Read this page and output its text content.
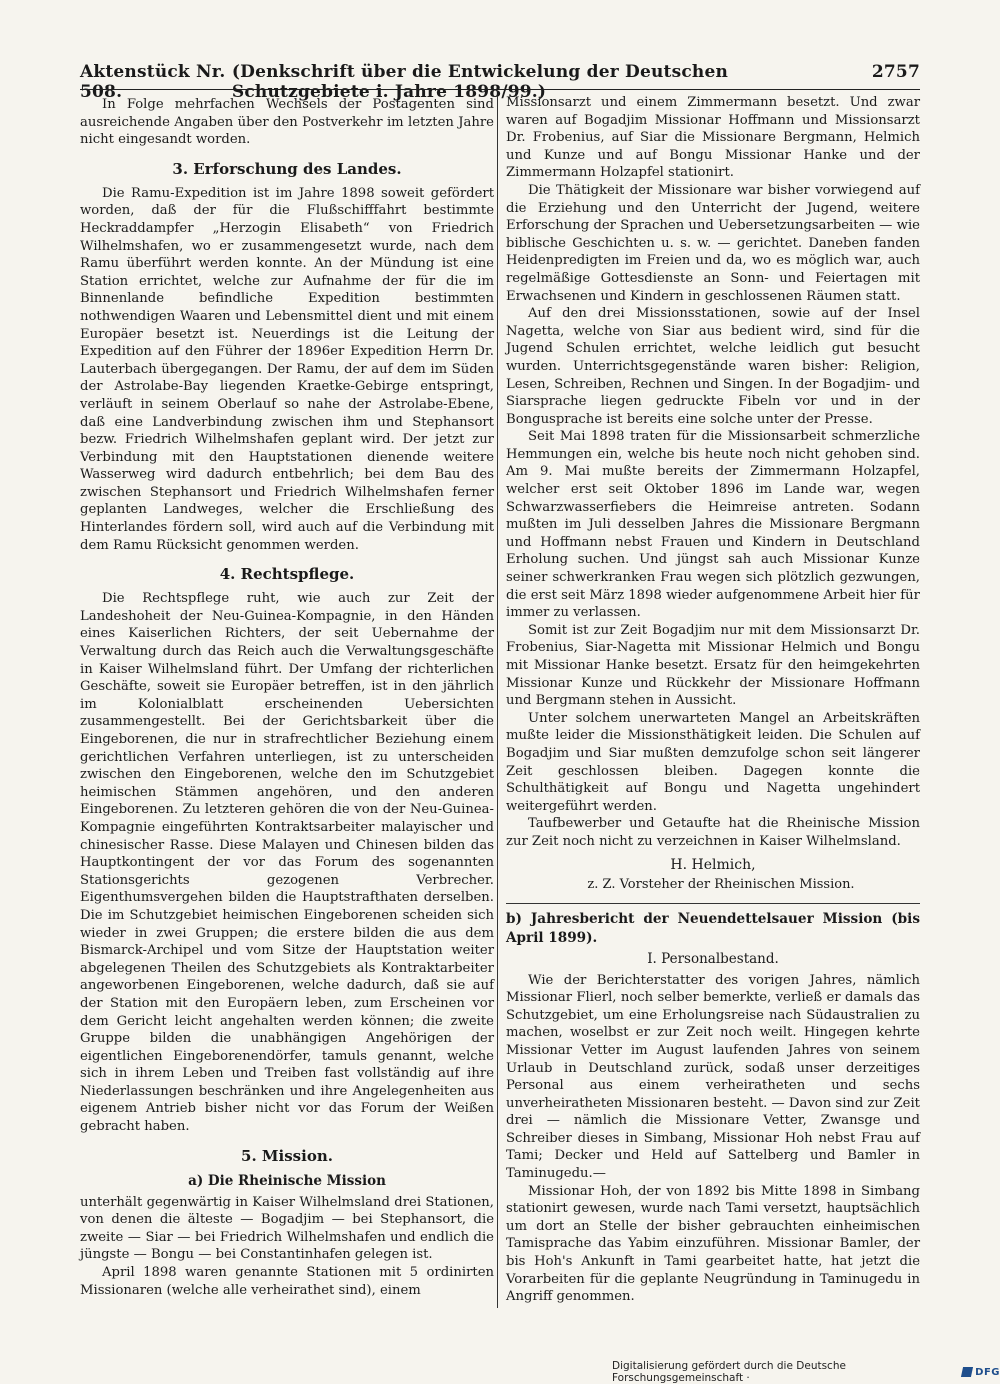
Aktenstück Nr. 508.
(Denkschrift über die Entwickelung der Deutschen Schutzgebiete i. Jahre 1898/99.)
2757

In Folge mehrfachen Wechsels der Postagenten sind ausreichende Angaben über den Postverkehr im letzten Jahre nicht eingesandt worden.

3. Erforschung des Landes.

Die Ramu-Expedition ist im Jahre 1898 soweit gefördert worden, daß der für die Flußschifffahrt bestimmte Heckraddampfer „Herzogin Elisabeth“ von Friedrich Wilhelmshafen, wo er zusammengesetzt wurde, nach dem Ramu überführt werden konnte. An der Mündung ist eine Station errichtet, welche zur Aufnahme der für die im Binnenlande befindliche Expedition bestimmten nothwendigen Waaren und Lebensmittel dient und mit einem Europäer besetzt ist. Neuerdings ist die Leitung der Expedition auf den Führer der 1896er Expedition Herrn Dr. Lauterbach übergegangen. Der Ramu, der auf dem im Süden der Astrolabe-Bay liegenden Kraetke-Gebirge entspringt, verläuft in seinem Oberlauf so nahe der Astrolabe-Ebene, daß eine Landverbindung zwischen ihm und Stephansort bezw. Friedrich Wilhelmshafen geplant wird. Der jetzt zur Verbindung mit den Hauptstationen dienende weitere Wasserweg wird dadurch entbehrlich; bei dem Bau des zwischen Stephansort und Friedrich Wilhelmshafen ferner geplanten Landweges, welcher die Erschließung des Hinterlandes fördern soll, wird auch auf die Verbindung mit dem Ramu Rücksicht genommen werden.

4. Rechtspflege.

Die Rechtspflege ruht, wie auch zur Zeit der Landeshoheit der Neu-Guinea-Kompagnie, in den Händen eines Kaiserlichen Richters, der seit Uebernahme der Verwaltung durch das Reich auch die Verwaltungsgeschäfte in Kaiser Wilhelmsland führt. Der Umfang der richterlichen Geschäfte, soweit sie Europäer betreffen, ist in den jährlich im Kolonialblatt erscheinenden Uebersichten zusammengestellt. Bei der Gerichtsbarkeit über die Eingeborenen, die nur in strafrechtlicher Beziehung einem gerichtlichen Verfahren unterliegen, ist zu unterscheiden zwischen den Eingeborenen, welche den im Schutzgebiet heimischen Stämmen angehören, und den anderen Eingeborenen. Zu letzteren gehören die von der Neu-Guinea-Kompagnie eingeführten Kontraktsarbeiter malayischer und chinesischer Rasse. Diese Malayen und Chinesen bilden das Hauptkontingent der vor das Forum des sogenannten Stationsgerichts gezogenen Verbrecher. Eigenthumsvergehen bilden die Hauptstrafthaten derselben. Die im Schutzgebiet heimischen Eingeborenen scheiden sich wieder in zwei Gruppen; die erstere bilden die aus dem Bismarck-Archipel und vom Sitze der Hauptstation weiter abgelegenen Theilen des Schutzgebiets als Kontraktarbeiter angeworbenen Eingeborenen, welche dadurch, daß sie auf der Station mit den Europäern leben, zum Erscheinen vor dem Gericht leicht angehalten werden können; die zweite Gruppe bilden die unabhängigen Angehörigen der eigentlichen Eingeborenendörfer, tamuls genannt, welche sich in ihrem Leben und Treiben fast vollständig auf ihre Niederlassungen beschränken und ihre Angelegenheiten aus eigenem Antrieb bisher nicht vor das Forum der Weißen gebracht haben.

5. Mission.
a) Die Rheinische Mission

unterhält gegenwärtig in Kaiser Wilhelmsland drei Stationen, von denen die älteste — Bogadjim — bei Stephansort, die zweite — Siar — bei Friedrich Wilhelmshafen und endlich die jüngste — Bongu — bei Constantinhafen gelegen ist.

April 1898 waren genannte Stationen mit 5 ordinirten Missionaren (welche alle verheirathet sind), einem

Missionsarzt und einem Zimmermann besetzt. Und zwar waren auf Bogadjim Missionar Hoffmann und Missionsarzt Dr. Frobenius, auf Siar die Missionare Bergmann, Helmich und Kunze und auf Bongu Missionar Hanke und der Zimmermann Holzapfel stationirt.

Die Thätigkeit der Missionare war bisher vorwiegend auf die Erziehung und den Unterricht der Jugend, weitere Erforschung der Sprachen und Uebersetzungsarbeiten — wie biblische Geschichten u. s. w. — gerichtet. Daneben fanden Heidenpredigten im Freien und da, wo es möglich war, auch regelmäßige Gottesdienste an Sonn- und Feiertagen mit Erwachsenen und Kindern in geschlossenen Räumen statt.

Auf den drei Missionsstationen, sowie auf der Insel Nagetta, welche von Siar aus bedient wird, sind für die Jugend Schulen errichtet, welche leidlich gut besucht wurden. Unterrichtsgegenstände waren bisher: Religion, Lesen, Schreiben, Rechnen und Singen. In der Bogadjim- und Siarsprache liegen gedruckte Fibeln vor und in der Bongusprache ist bereits eine solche unter der Presse.

Seit Mai 1898 traten für die Missionsarbeit schmerzliche Hemmungen ein, welche bis heute noch nicht gehoben sind. Am 9. Mai mußte bereits der Zimmermann Holzapfel, welcher erst seit Oktober 1896 im Lande war, wegen Schwarzwasserfiebers die Heimreise antreten. Sodann mußten im Juli desselben Jahres die Missionare Bergmann und Hoffmann nebst Frauen und Kindern in Deutschland Erholung suchen. Und jüngst sah auch Missionar Kunze seiner schwerkranken Frau wegen sich plötzlich gezwungen, die erst seit März 1898 wieder aufgenommene Arbeit hier für immer zu verlassen.

Somit ist zur Zeit Bogadjim nur mit dem Missionsarzt Dr. Frobenius, Siar-Nagetta mit Missionar Helmich und Bongu mit Missionar Hanke besetzt. Ersatz für den heimgekehrten Missionar Kunze und Rückkehr der Missionare Hoffmann und Bergmann stehen in Aussicht.

Unter solchem unerwarteten Mangel an Arbeitskräften mußte leider die Missionsthätigkeit leiden. Die Schulen auf Bogadjim und Siar mußten demzufolge schon seit längerer Zeit geschlossen bleiben. Dagegen konnte die Schulthätigkeit auf Bongu und Nagetta ungehindert weitergeführt werden.

Taufbewerber und Getaufte hat die Rheinische Mission zur Zeit noch nicht zu verzeichnen in Kaiser Wilhelmsland.

H. Helmich,
z. Z. Vorsteher der Rheinischen Mission.
b) Jahresbericht der Neuendettelsauer Mission (bis April 1899).
I. Personalbestand.

Wie der Berichterstatter des vorigen Jahres, nämlich Missionar Flierl, noch selber bemerkte, verließ er damals das Schutzgebiet, um eine Erholungsreise nach Südaustralien zu machen, woselbst er zur Zeit noch weilt. Hingegen kehrte Missionar Vetter im August laufenden Jahres von seinem Urlaub in Deutschland zurück, sodaß unser derzeitiges Personal aus einem verheiratheten und sechs unverheiratheten Missionaren besteht. — Davon sind zur Zeit drei — nämlich die Missionare Vetter, Zwansge und Schreiber dieses in Simbang, Missionar Hoh nebst Frau auf Tami; Decker und Held auf Sattelberg und Bamler in Taminugedu.—

Missionar Hoh, der von 1892 bis Mitte 1898 in Simbang stationirt gewesen, wurde nach Tami versetzt, hauptsächlich um dort an Stelle der bisher gebrauchten einheimischen Tamisprache das Yabim einzuführen. Missionar Bamler, der bis Hoh's Ankunft in Tami gearbeitet hatte, hat jetzt die Vorarbeiten für die geplante Neugründung in Taminugedu in Angriff genommen.

Digitalisierung gefördert durch die Deutsche Forschungsgemeinschaft ·	DFG
